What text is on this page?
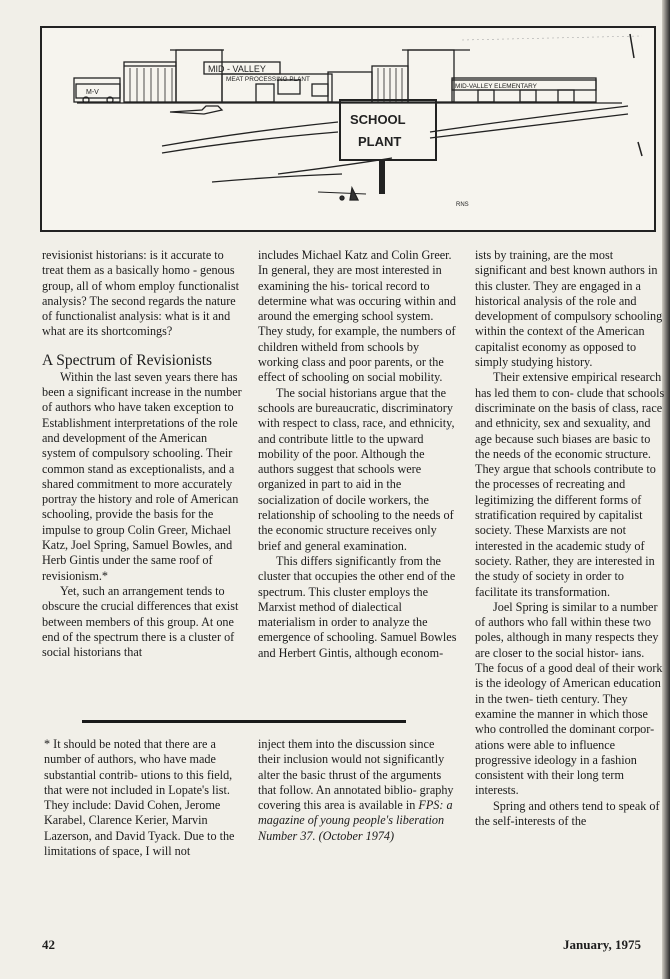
MID - VALLEY
MEAT PROCESSING PLANT
M-V
MID-VALLEY ELEMENTARY
SCHOOL
PLANT
RNS

revisionist historians: is it accurate to treat them as a basically homo - genous group, all of whom employ functionalist analysis? The second regards the nature of functionalist analysis: what is it and what are its shortcomings?

A Spectrum of Revisionists

Within the last seven years there has been a significant increase in the number of authors who have taken exception to Establishment interpretations of the role and development of the American system of compulsory schooling. Their common stand as exceptionalists, and a shared commitment to more accurately portray the history and role of American schooling, provide the basis for the impulse to group Colin Greer, Michael Katz, Joel Spring, Samuel Bowles, and Herb Gintis under the same roof of revisionism.*

Yet, such an arrangement tends to obscure the crucial differences that exist between members of this group. At one end of the spectrum there is a cluster of social historians that

includes Michael Katz and Colin Greer. In general, they are most interested in examining the his- torical record to determine what was occuring within and around the emerging school system. They study, for example, the numbers of children witheld from schools by working class and poor parents, or the effect of schooling on social mobility.

The social historians argue that the schools are bureaucratic, discriminatory with respect to class, race, and ethnicity, and contribute little to the upward mobility of the poor. Although the authors suggest that schools were organized in part to aid in the socialization of docile workers, the relationship of schooling to the needs of the economic structure receives only brief and general examination.

This differs significantly from the cluster that occupies the other end of the spectrum. This cluster employs the Marxist method of dialectical materialism in order to analyze the emergence of schooling. Samuel Bowles and Herbert Gintis, although econom-

ists by training, are the most significant and best known authors in this cluster. They are engaged in a historical analysis of the role and development of compulsory schooling within the context of the American capitalist economy as opposed to simply studying history.

Their extensive empirical research has led them to con- clude that schools discriminate on the basis of class, race and ethnicity, sex and sexuality, and age because such biases are basic to the needs of the economic structure. They argue that schools contribute to the processes of recreating and legitimizing the different forms of stratification required by capitalist society. These Marxists are not interested in the academic study of society. Rather, they are interested in the study of society in order to facilitate its transformation.

Joel Spring is similar to a number of authors who fall within these two poles, although in many respects they are closer to the social histor- ians. The focus of a good deal of their work is the ideology of American education in the twen- tieth century. They examine the manner in which those who controlled the dominant corpor- ations were able to influence progressive ideology in a fashion consistent with their long term interests.

Spring and others tend to speak of the self-interests of the

* It should be noted that there are a number of authors, who have made substantial contrib- utions to this field, that were not included in Lopate's list. They include: David Cohen, Jerome Karabel, Clarence Kerier, Marvin Lazerson, and David Tyack. Due to the limitations of space, I will not

inject them into the discussion since their inclusion would not significantly alter the basic thrust of the arguments that follow. An annotated biblio- graphy covering this area is available in FPS: a magazine of young people's liberation Number 37. (October 1974)

42	January, 1975
